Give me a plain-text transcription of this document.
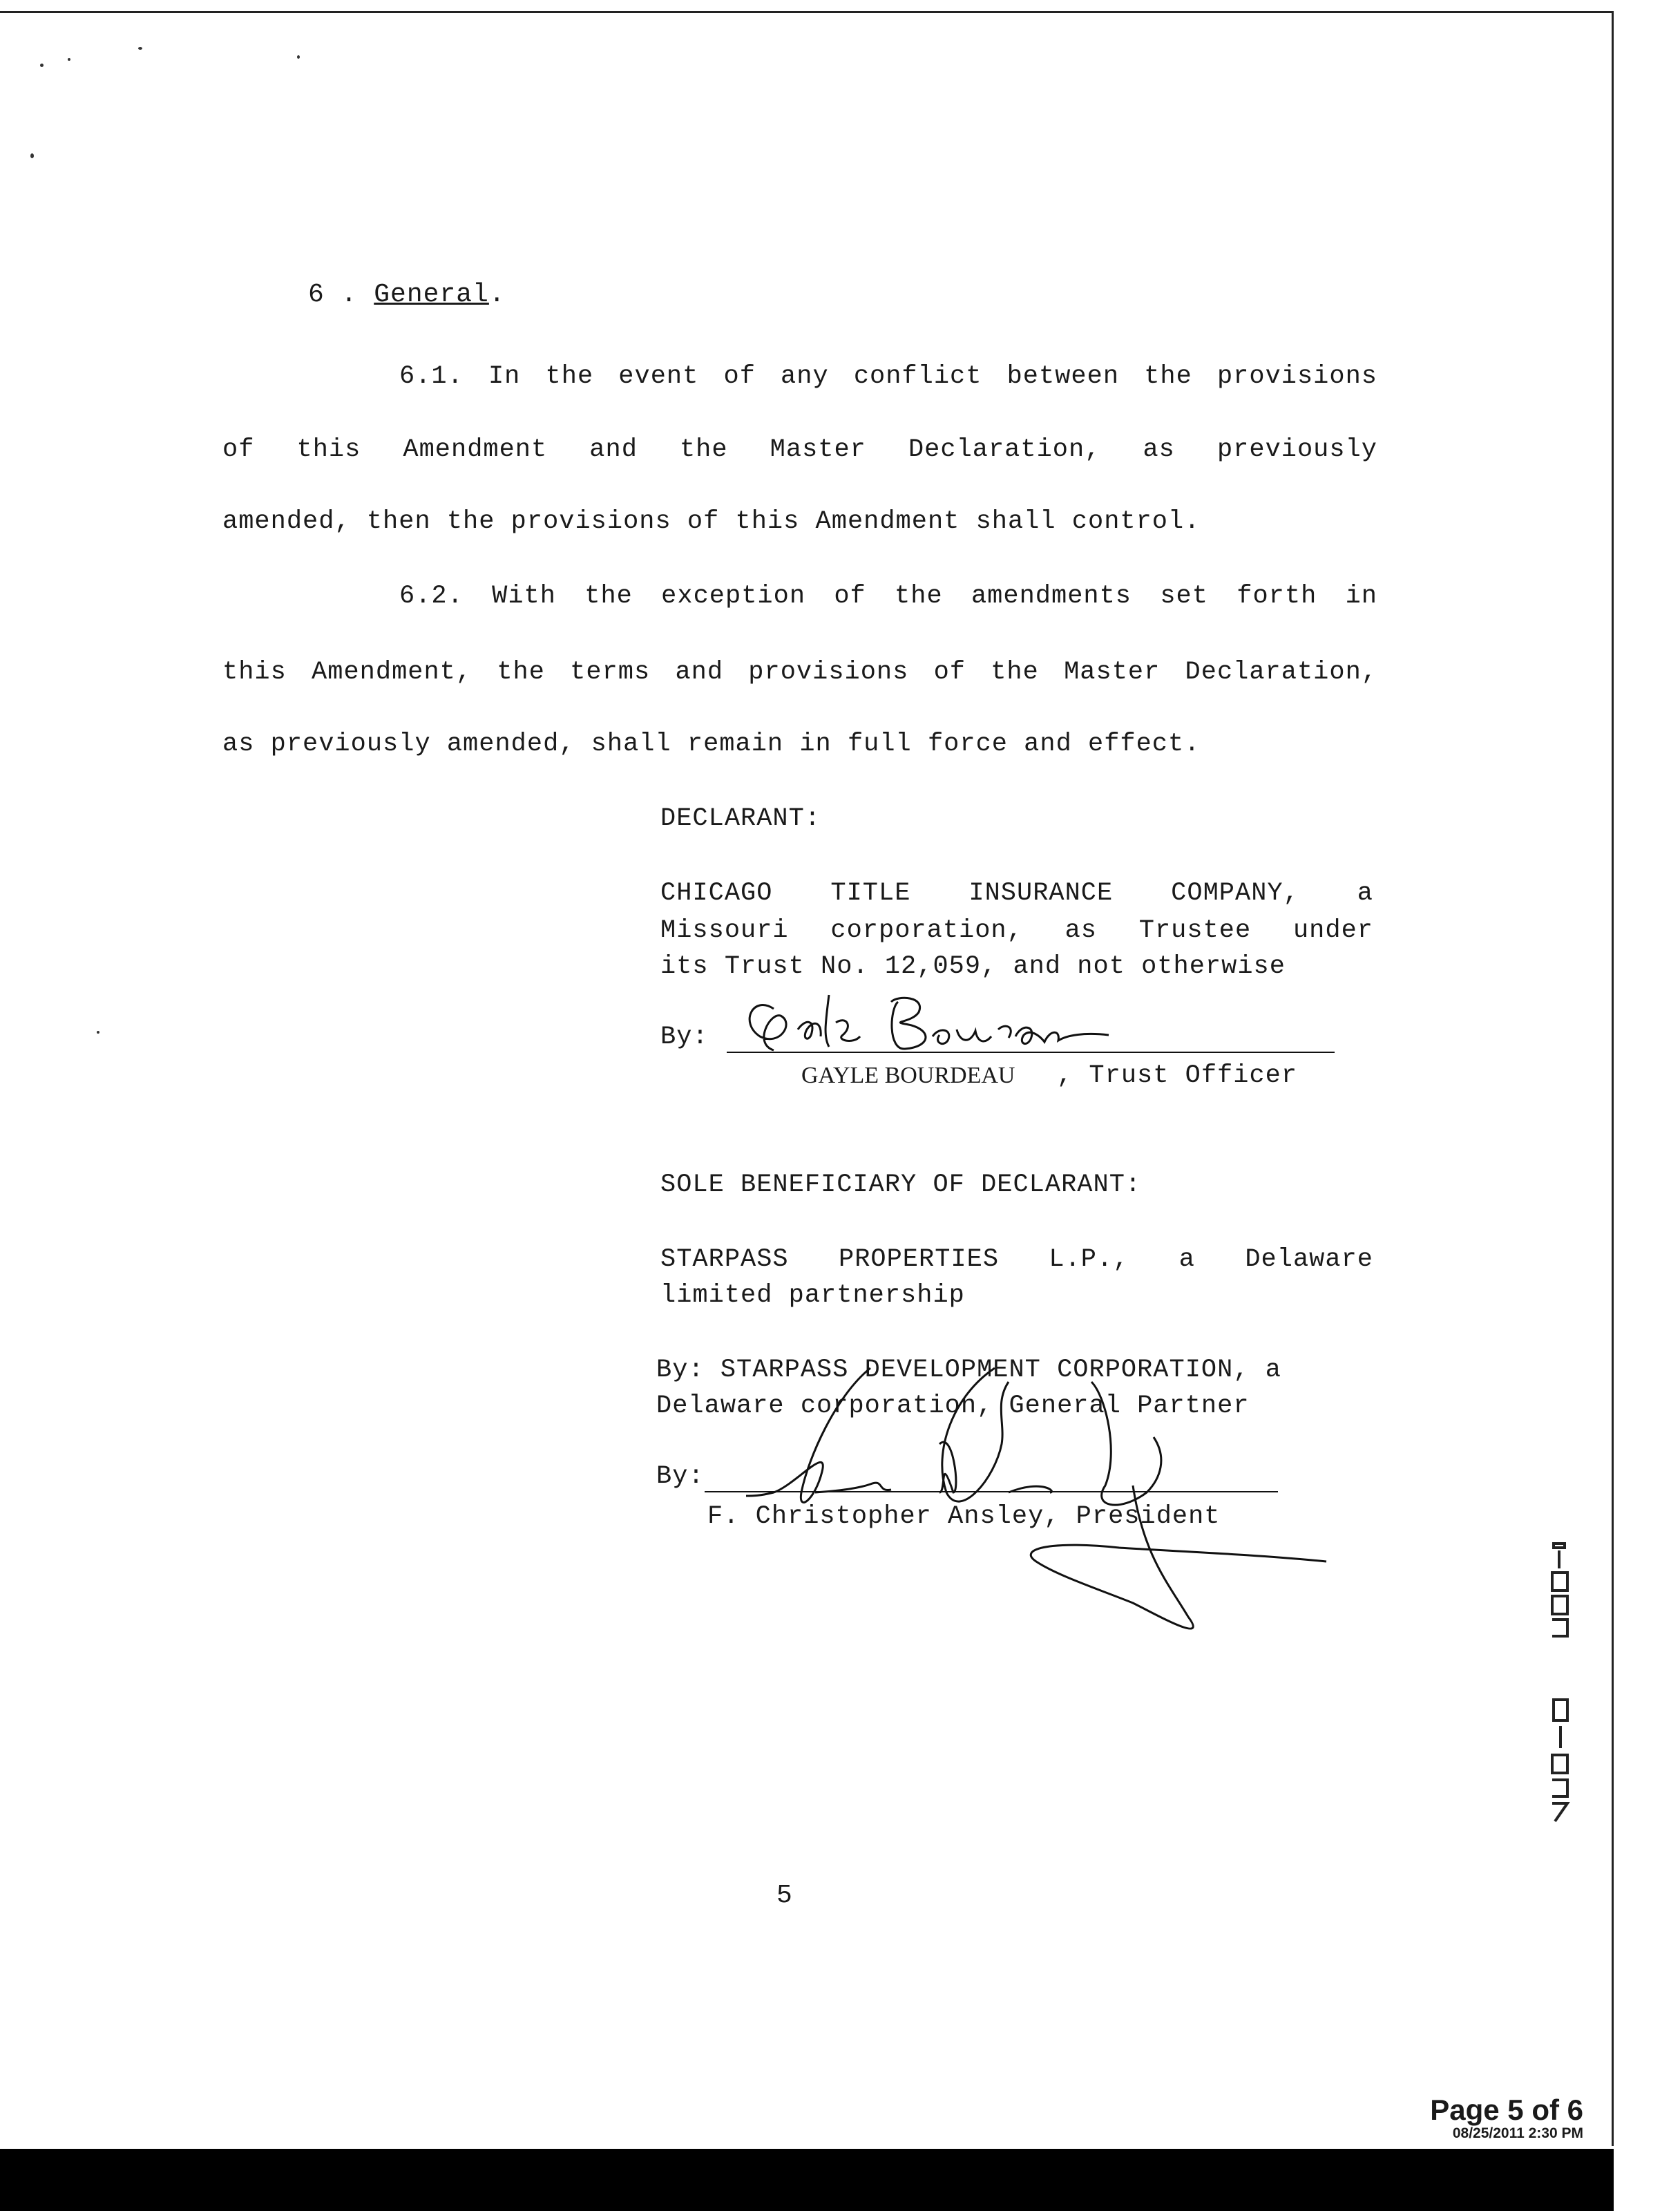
6 . General.
6.1. In the event of any conflict between the provisions
of this Amendment and the Master Declaration, as previously
amended, then the provisions of this Amendment shall control.
6.2. With the exception of the amendments set forth in
this Amendment, the terms and provisions of the Master Declaration,
as previously amended, shall remain in full force and effect.
DECLARANT:
CHICAGO TITLE INSURANCE COMPANY, a
Missouri corporation, as Trustee under
its Trust No. 12,059, and not otherwise
By:
GAYLE BOURDEAU , Trust Officer
SOLE BENEFICIARY OF DECLARANT:
STARPASS PROPERTIES L.P., a Delaware
limited partnership
By: STARPASS DEVELOPMENT CORPORATION, a
Delaware corporation, General Partner
By:
F. Christopher Ansley, President
5
Page 5 of 6
08/25/2011 2:30 PM
